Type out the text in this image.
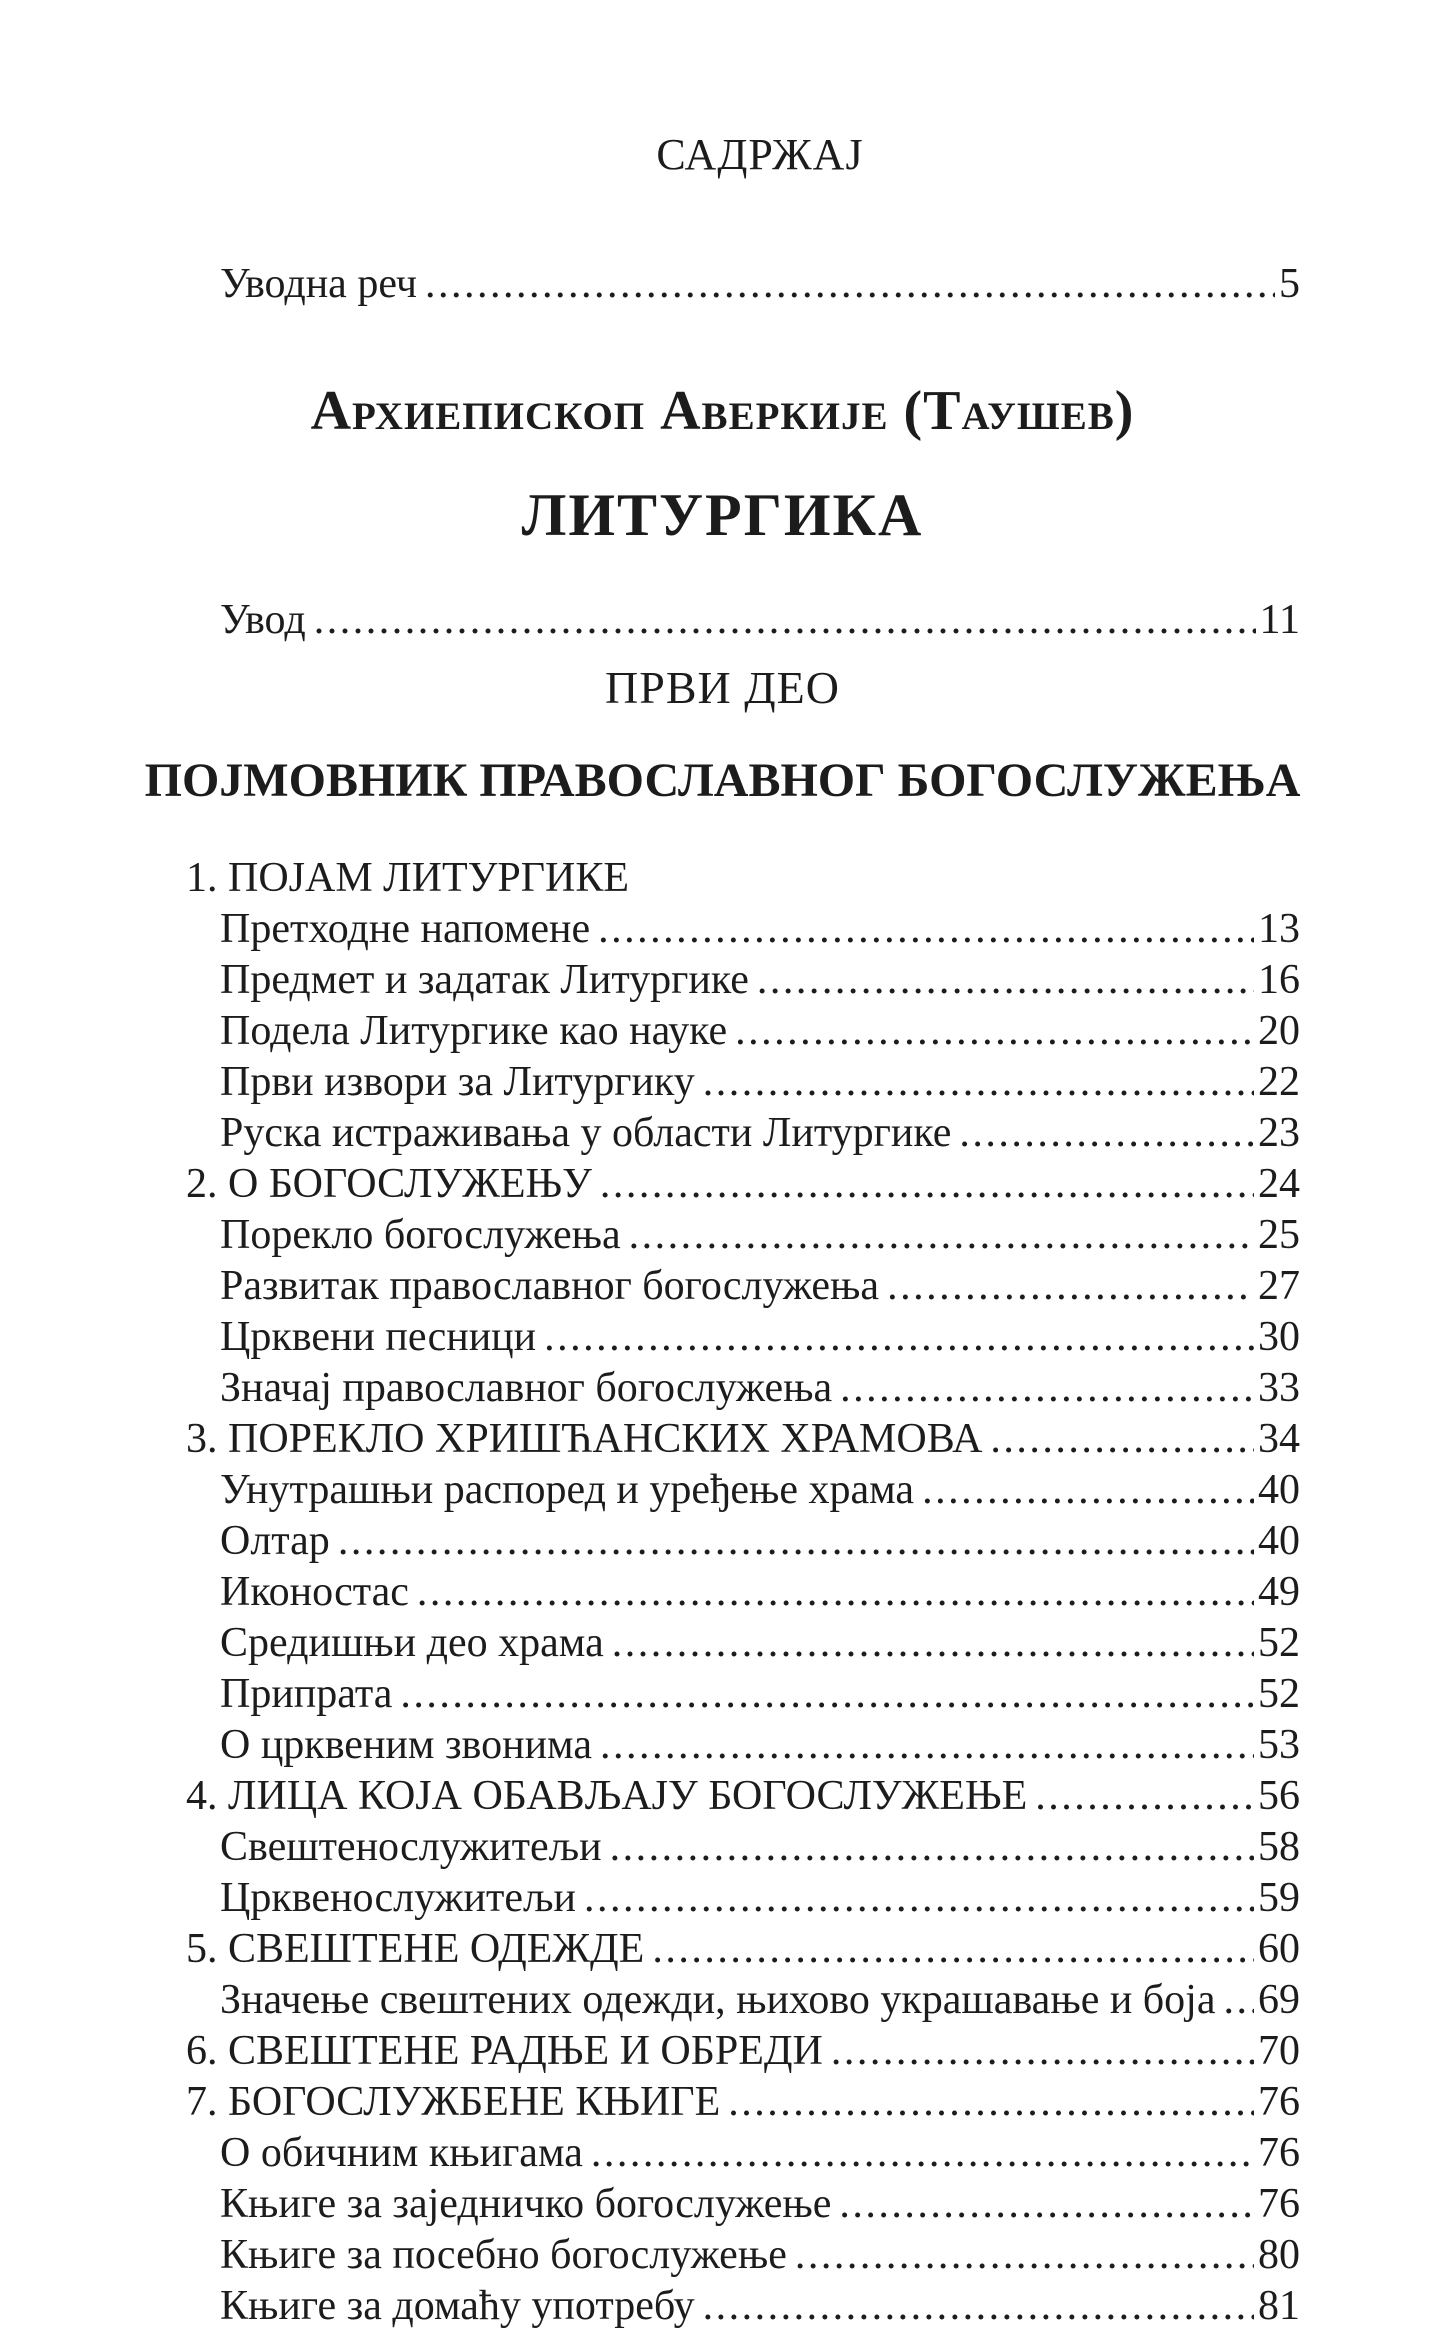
САДРЖАЈ
Уводна реч .....	5
Архиепископ Аверкије (Таушев)
ЛИТУРГИКА
Увод .....	11
ПРВИ ДЕО
ПОЈМОВНИК ПРАВОСЛАВНОГ БОГОСЛУЖЕЊА
1. ПОЈАМ ЛИТУРГИКЕ
Претходне напомене .....	13
Предмет и задатак Литургике .....	16
Подела Литургике као науке .....	20
Први извори за Литургику .....	22
Руска истраживања у области Литургике .....	23
2. О БОГОСЛУЖЕЊУ .....	24
Порекло богослужења .....	25
Развитак православног богослужења .....	27
Црквени песници .....	30
Значај православног богослужења .....	33
3. ПОРЕКЛО ХРИШЋАНСКИХ ХРАМОВА .....	34
Унутрашњи распоред и уређење храма .....	40
Олтар .....	40
Иконостас .....	49
Средишњи део храма .....	52
Припрата .....	52
О црквеним звонима .....	53
4. ЛИЦА КОЈА ОБАВЉАЈУ БОГОСЛУЖЕЊЕ .....	56
Свештенослужитељи .....	58
Црквенослужитељи .....	59
5. СВЕШТЕНЕ ОДЕЖДЕ .....	60
Значење свештених одежди, њихово украшавање и боја ..... 69
6. СВЕШТЕНЕ РАДЊЕ И ОБРЕДИ .....	70
7. БОГОСЛУЖБЕНЕ КЊИГЕ .....	76
О обичним књигама .....	76
Књиге за заједничко богослужење .....	76
Књиге за посебно богослужење .....	80
Књиге за домаћу употребу .....	81
